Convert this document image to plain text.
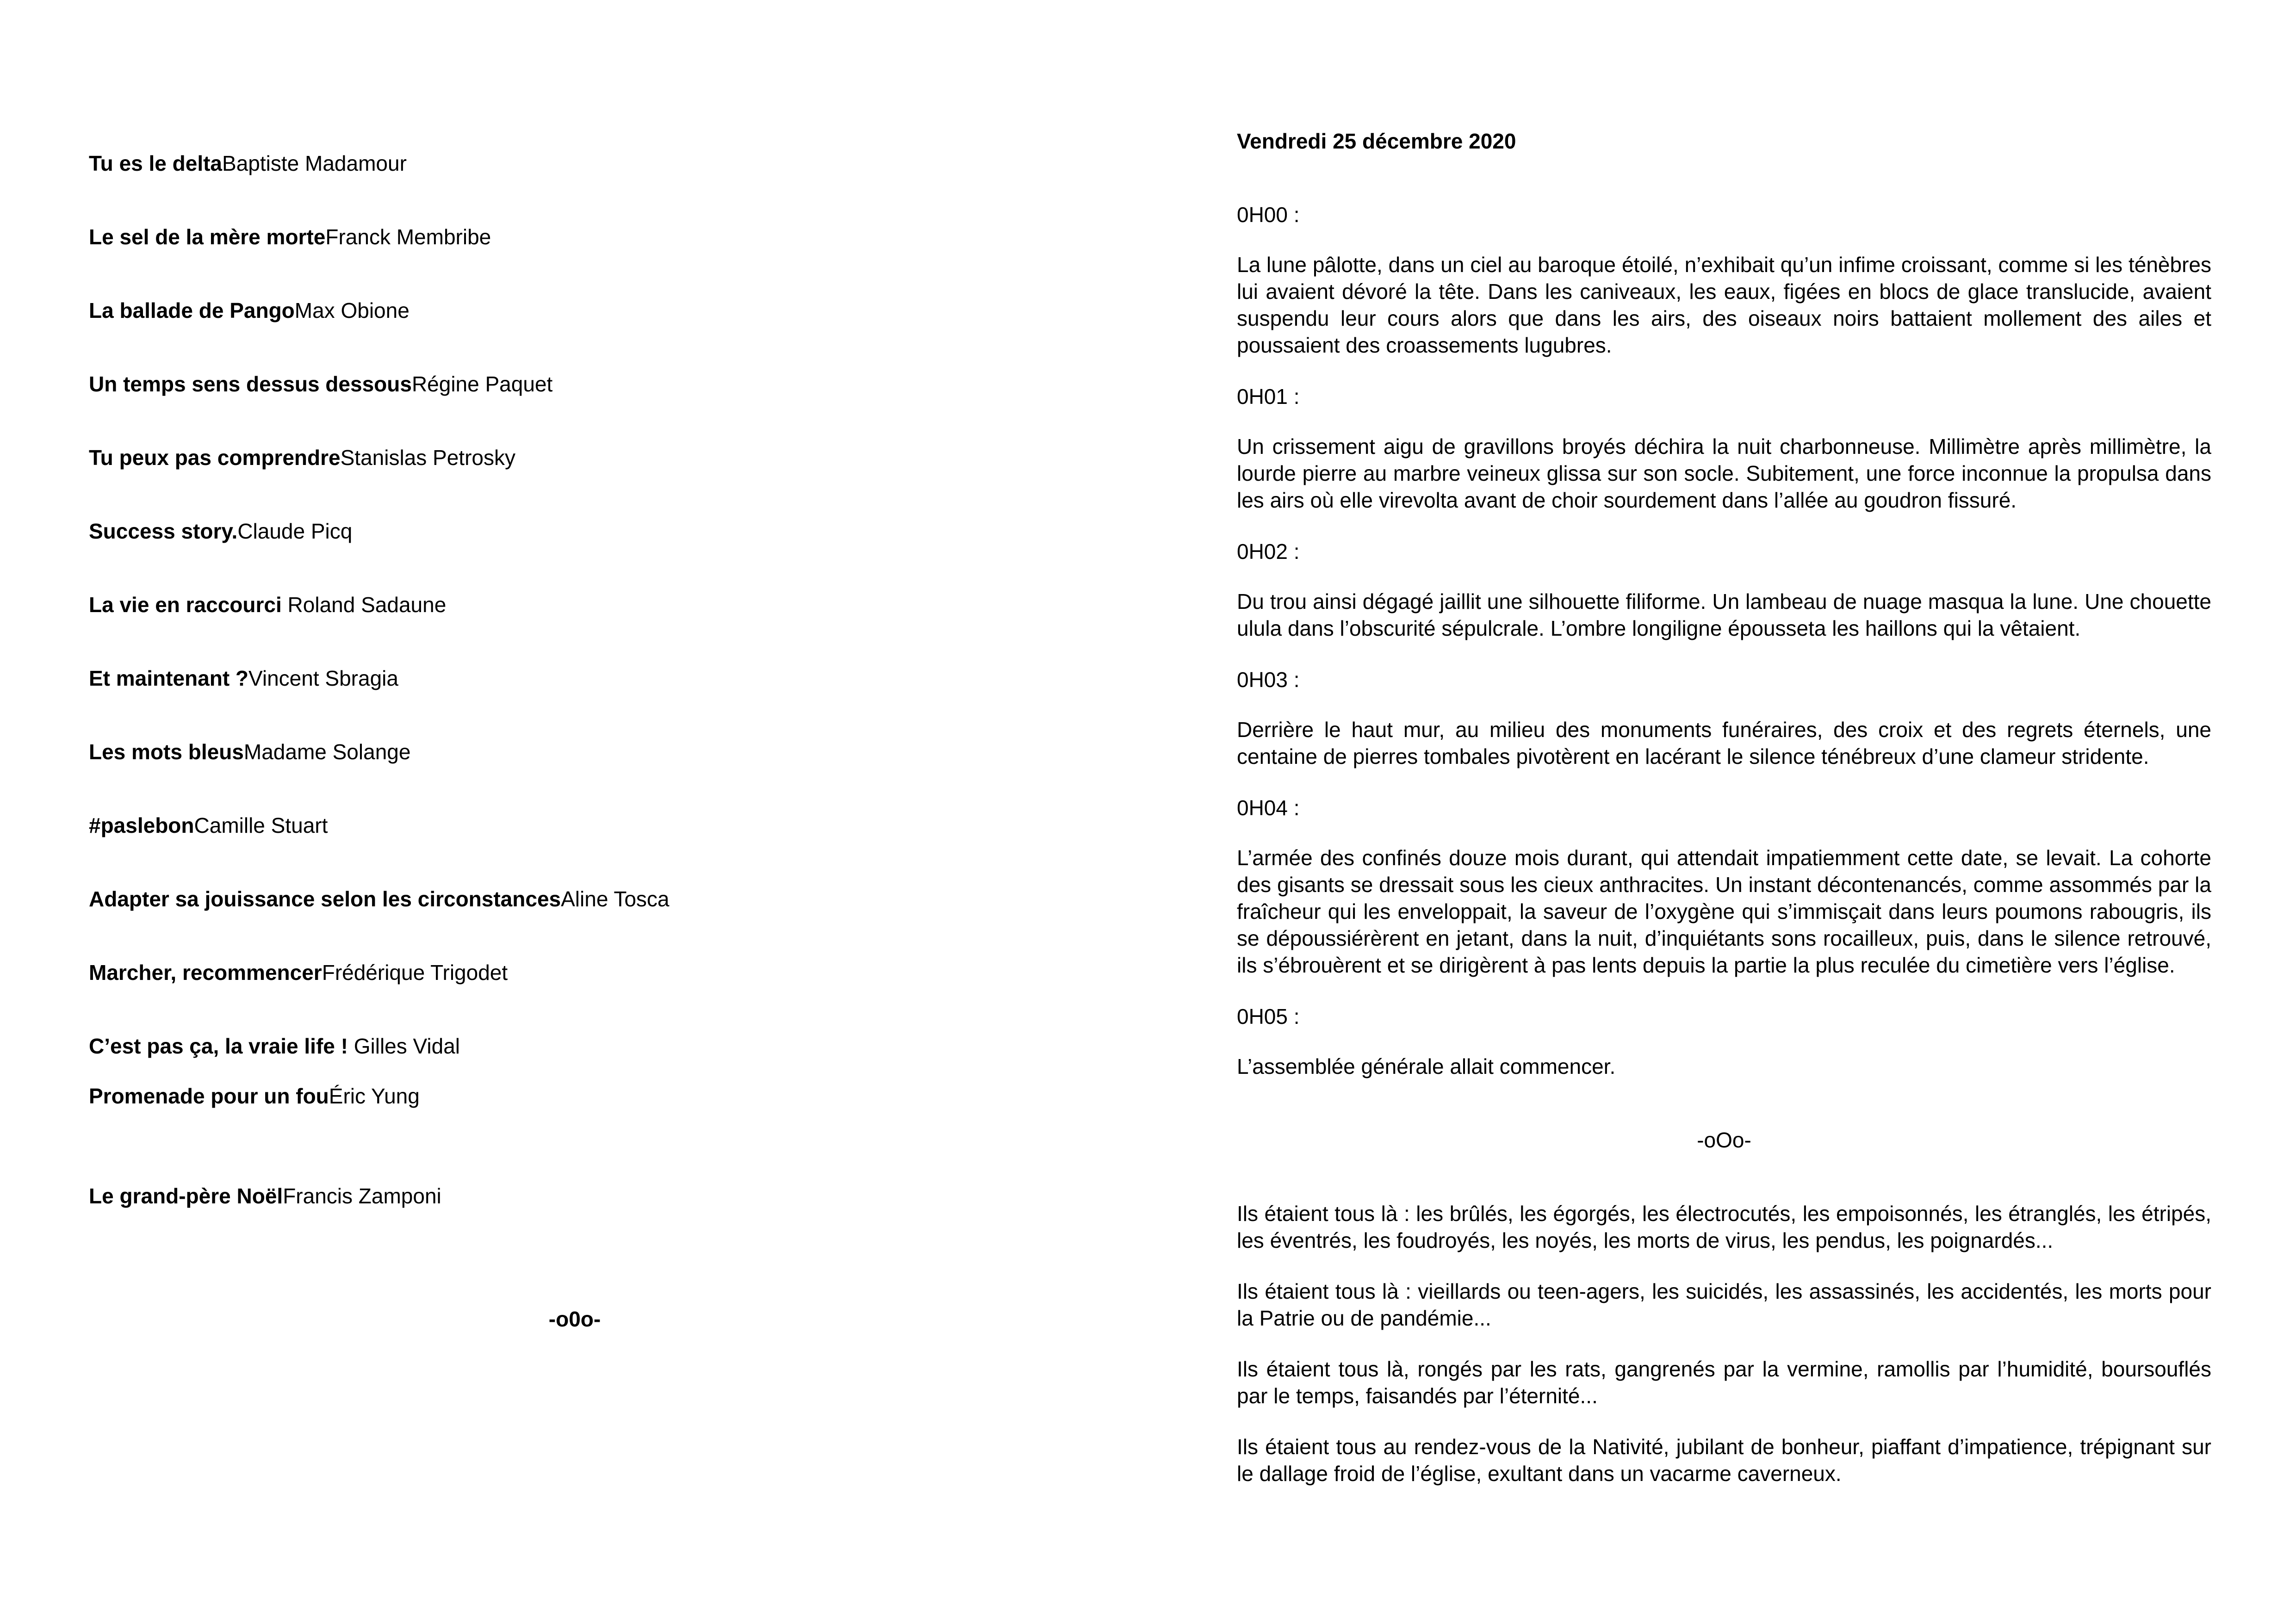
Tu es le deltaBaptiste Madamour
Le sel de la mère morteFranck Membribe
La ballade de PangoMax Obione
Un temps sens dessus dessousRégine Paquet
Tu peux pas comprendreStanislas Petrosky
Success story.Claude Picq
La vie en raccourci Roland Sadaune
Et maintenant ?Vincent Sbragia
Les mots bleusMadame Solange
#paslebonCamille Stuart
Adapter sa jouissance selon les circonstancesAline Tosca
Marcher, recommencerFrédérique Trigodet
C’est pas ça, la vraie life ! Gilles Vidal
Promenade pour un fouÉric Yung
Le grand-père NoëlFrancis Zamponi
-o0o-
Vendredi 25 décembre 2020
0H00 :
La lune pâlotte, dans un ciel au baroque étoilé, n’exhibait qu’un infime croissant, comme si les ténèbres lui avaient dévoré la tête. Dans les caniveaux, les eaux, figées en blocs de glace translucide, avaient suspendu leur cours alors que dans les airs, des oiseaux noirs battaient mollement des ailes et poussaient des croassements lugubres.
0H01 :
Un crissement aigu de gravillons broyés déchira la nuit charbonneuse. Millimètre après millimètre, la lourde pierre au marbre veineux glissa sur son socle. Subitement, une force inconnue la propulsa dans les airs où elle virevolta avant de choir sourdement dans l’allée au goudron fissuré.
0H02 :
Du trou ainsi dégagé jaillit une silhouette filiforme. Un lambeau de nuage masqua la lune. Une chouette ulula dans l’obscurité sépulcrale. L’ombre longiligne épousseta les haillons qui la vêtaient.
0H03 :
Derrière le haut mur, au milieu des monuments funéraires, des croix et des regrets éternels, une centaine de pierres tombales pivotèrent en lacérant le silence ténébreux d’une clameur stridente.
0H04 :
L’armée des confinés douze mois durant, qui attendait impatiemment cette date, se levait. La cohorte des gisants se dressait sous les cieux anthracites. Un instant décontenancés, comme assommés par la fraîcheur qui les enveloppait, la saveur de l’oxygène qui s’immisçait dans leurs poumons rabougris, ils se dépoussiérèrent en jetant, dans la nuit, d’inquiétants sons rocailleux, puis, dans le silence retrouvé, ils s’ébrouèrent et se dirigèrent à pas lents depuis la partie la plus reculée du cimetière vers l’église.
0H05 :
L’assemblée générale allait commencer.
-oOo-
Ils étaient tous là : les brûlés, les égorgés, les électrocutés, les empoisonnés, les étranglés, les étripés, les éventrés, les foudroyés, les noyés, les morts de virus, les pendus, les poignardés...
Ils étaient tous là : vieillards ou teen-agers, les suicidés, les assassinés, les accidentés, les morts pour la Patrie ou de pandémie...
Ils étaient tous là, rongés par les rats, gangrenés par la vermine, ramollis par l’humidité, boursouflés par le temps, faisandés par l’éternité...
Ils étaient tous au rendez-vous de la Nativité, jubilant de bonheur, piaffant d’impatience, trépignant sur le dallage froid de l’église, exultant dans un vacarme caverneux.
